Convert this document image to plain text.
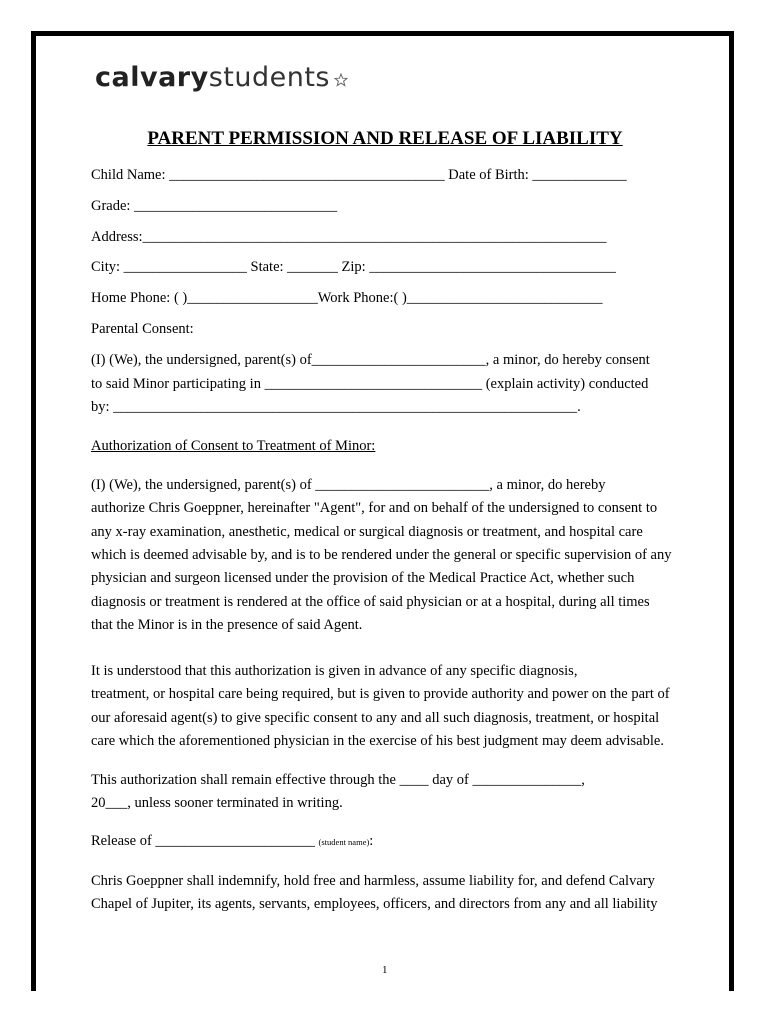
calvarystudents
PARENT PERMISSION AND RELEASE OF LIABILITY
Child Name: ______________________________________ Date of Birth: _____________
Grade: ____________________________
Address:________________________________________________________________
City: _________________ State: _______ Zip: __________________________________
Home Phone: ( )__________________Work Phone:( )___________________________
Parental Consent:
(I) (We), the undersigned, parent(s) of________________________, a minor, do hereby consent
to said Minor participating in ______________________________ (explain activity) conducted
by: ________________________________________________________________.
Authorization of Consent to Treatment of Minor:
(I) (We), the undersigned, parent(s) of ________________________, a minor, do hereby
authorize Chris Goeppner, hereinafter "Agent", for and on behalf of the undersigned to consent to
any x-ray examination, anesthetic, medical or surgical diagnosis or treatment, and hospital care
which is deemed advisable by, and is to be rendered under the general or specific supervision of any
physician and surgeon licensed under the provision of the Medical Practice Act, whether such
diagnosis or treatment is rendered at the office of said physician or at a hospital, during all times
that the Minor is in the presence of said Agent.
It is understood that this authorization is given in advance of any specific diagnosis,
treatment, or hospital care being required, but is given to provide authority and power on the part of
our aforesaid agent(s) to give specific consent to any and all such diagnosis, treatment, or hospital
care which the aforementioned physician in the exercise of his best judgment may deem advisable.
This authorization shall remain effective through the ____ day of _______________,
20___, unless sooner terminated in writing.
Release of ______________________ (student name):
Chris Goeppner shall indemnify, hold free and harmless, assume liability for, and defend Calvary
Chapel of Jupiter, its agents, servants, employees, officers, and directors from any and all liability
1
